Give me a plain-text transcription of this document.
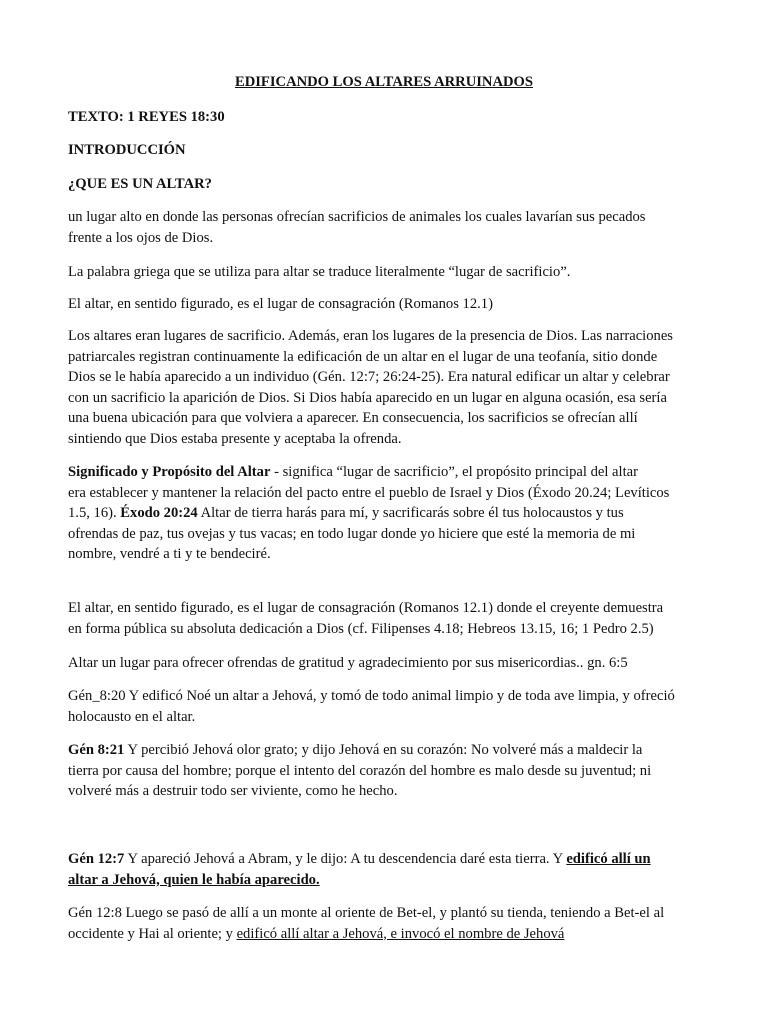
EDIFICANDO LOS ALTARES ARRUINADOS
TEXTO: 1 REYES 18:30
INTRODUCCIÓN
¿QUE ES UN ALTAR?

un lugar alto en donde las personas ofrecían sacrificios de animales los cuales lavarían sus pecados
frente a los ojos de Dios.

La palabra griega que se utiliza para altar se traduce literalmente “lugar de sacrificio”.

El altar, en sentido figurado, es el lugar de consagración (Romanos 12.1)

Los altares eran lugares de sacrificio. Además, eran los lugares de la presencia de Dios. Las narraciones
patriarcales registran continuamente la edificación de un altar en el lugar de una teofanía, sitio donde
Dios se le había aparecido a un individuo (Gén. 12:7; 26:24-25). Era natural edificar un altar y celebrar
con un sacrificio la aparición de Dios. Si Dios había aparecido en un lugar en alguna ocasión, esa sería
una buena ubicación para que volviera a aparecer. En consecuencia, los sacrificios se ofrecían allí
sintiendo que Dios estaba presente y aceptaba la ofrenda.

Significado y Propósito del Altar - significa “lugar de sacrificio”, el propósito principal del altar
era establecer y mantener la relación del pacto entre el pueblo de Israel y Dios (Éxodo 20.24; Levíticos
1.5, 16). Éxodo 20:24 Altar de tierra harás para mí, y sacrificarás sobre él tus holocaustos y tus
ofrendas de paz, tus ovejas y tus vacas; en todo lugar donde yo hiciere que esté la memoria de mi
nombre, vendré a ti y te bendeciré.

El altar, en sentido figurado, es el lugar de consagración (Romanos 12.1) donde el creyente demuestra
en forma pública su absoluta dedicación a Dios (cf. Filipenses 4.18; Hebreos 13.15, 16; 1 Pedro 2.5)

Altar un lugar para ofrecer ofrendas de gratitud y agradecimiento por sus misericordias.. gn. 6:5

Gén_8:20 Y edificó Noé un altar a Jehová, y tomó de todo animal limpio y de toda ave limpia, y ofreció
holocausto en el altar.

Gén 8:21 Y percibió Jehová olor grato; y dijo Jehová en su corazón: No volveré más a maldecir la
tierra por causa del hombre; porque el intento del corazón del hombre es malo desde su juventud; ni
volveré más a destruir todo ser viviente, como he hecho.

Gén 12:7 Y apareció Jehová a Abram, y le dijo: A tu descendencia daré esta tierra. Y edificó allí un
altar a Jehová, quien le había aparecido.

Gén 12:8 Luego se pasó de allí a un monte al oriente de Bet-el, y plantó su tienda, teniendo a Bet-el al
occidente y Hai al oriente; y edificó allí altar a Jehová, e invocó el nombre de Jehová
